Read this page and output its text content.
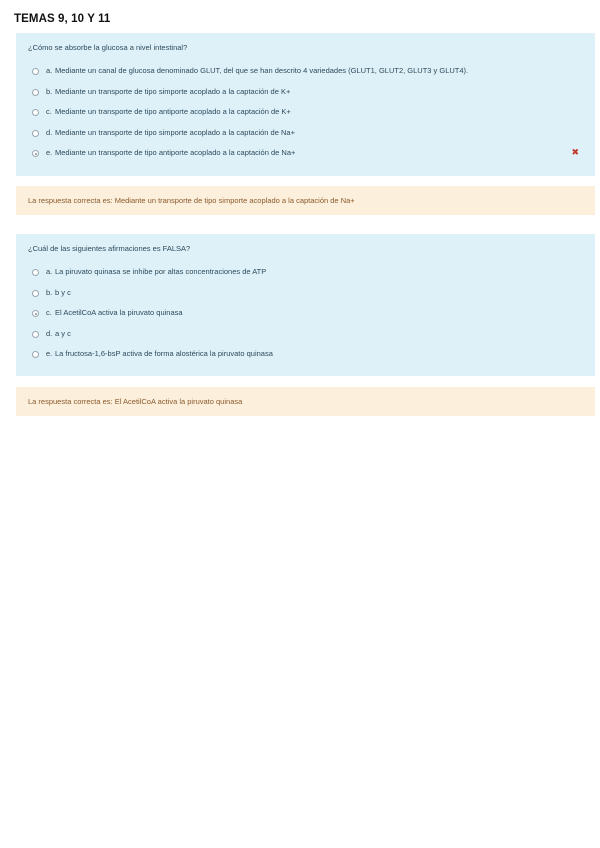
TEMAS 9, 10 Y 11
¿Cómo se absorbe la glucosa a nivel intestinal?
a. Mediante un canal de glucosa denominado GLUT, del que se han descrito 4 variedades (GLUT1, GLUT2, GLUT3 y GLUT4).
b. Mediante un transporte de tipo simporte acoplado a la captación de K+
c. Mediante un transporte de tipo antiporte acoplado a la captación de K+
d. Mediante un transporte de tipo simporte acoplado a la captación de Na+
e. Mediante un transporte de tipo antiporte acoplado a la captación de Na+	✖
La respuesta correcta es: Mediante un transporte de tipo simporte acoplado a la captación de Na+
¿Cuál de las siguientes afirmaciones es FALSA?
a. La piruvato quinasa se inhibe por altas concentraciones de ATP
b. b y c
c. El AcetilCoA activa la piruvato quinasa
d. a y c
e. La fructosa-1,6-bsP activa de forma alostérica la piruvato quinasa
La respuesta correcta es: El AcetilCoA activa la piruvato quinasa
